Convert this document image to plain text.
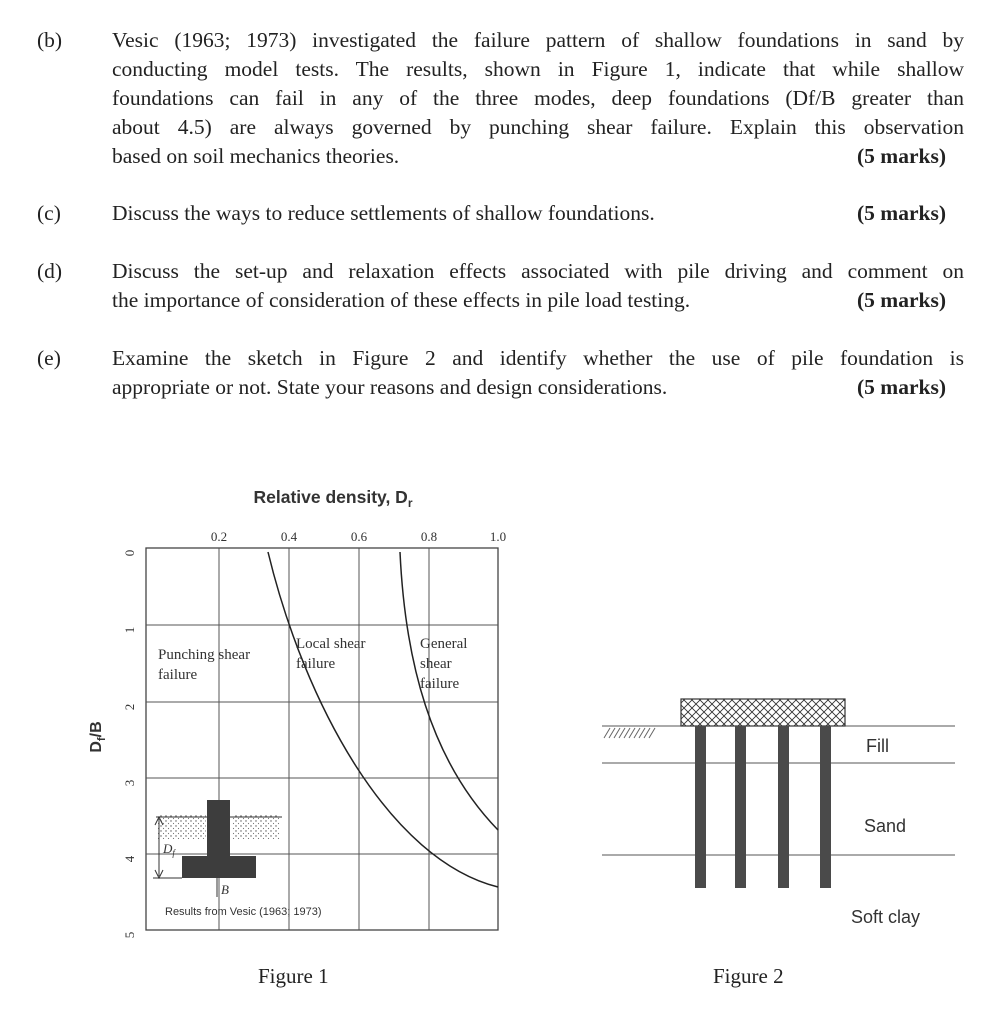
(b) Vesic (1963; 1973) investigated the failure pattern of shallow foundations in sand by
conducting model tests. The results, shown in Figure 1, indicate that while shallow
foundations can fail in any of the three modes, deep foundations (Df/B greater than
about 4.5) are always governed by punching shear failure. Explain this observation
based on soil mechanics theories.	(5 marks)
(c) Discuss the ways to reduce settlements of shallow foundations.	(5 marks)
(d) Discuss the set-up and relaxation effects associated with pile driving and comment on
the importance of consideration of these effects in pile load testing.	(5 marks)
(e) Examine the sketch in Figure 2 and identify whether the use of pile foundation is
appropriate or not. State your reasons and design considerations.	(5 marks)
Relative density, $D_r$
$D_f/B$
0.2	0.4	0.6	0.8	1.0
0
1
2
3
4
5
Punching shear
failure
Local shear
failure
General
shear
failure
$D_f$
B
Results from Vesic (1963; 1973)
Fill
Sand
Soft clay
Figure 1	Figure 2
